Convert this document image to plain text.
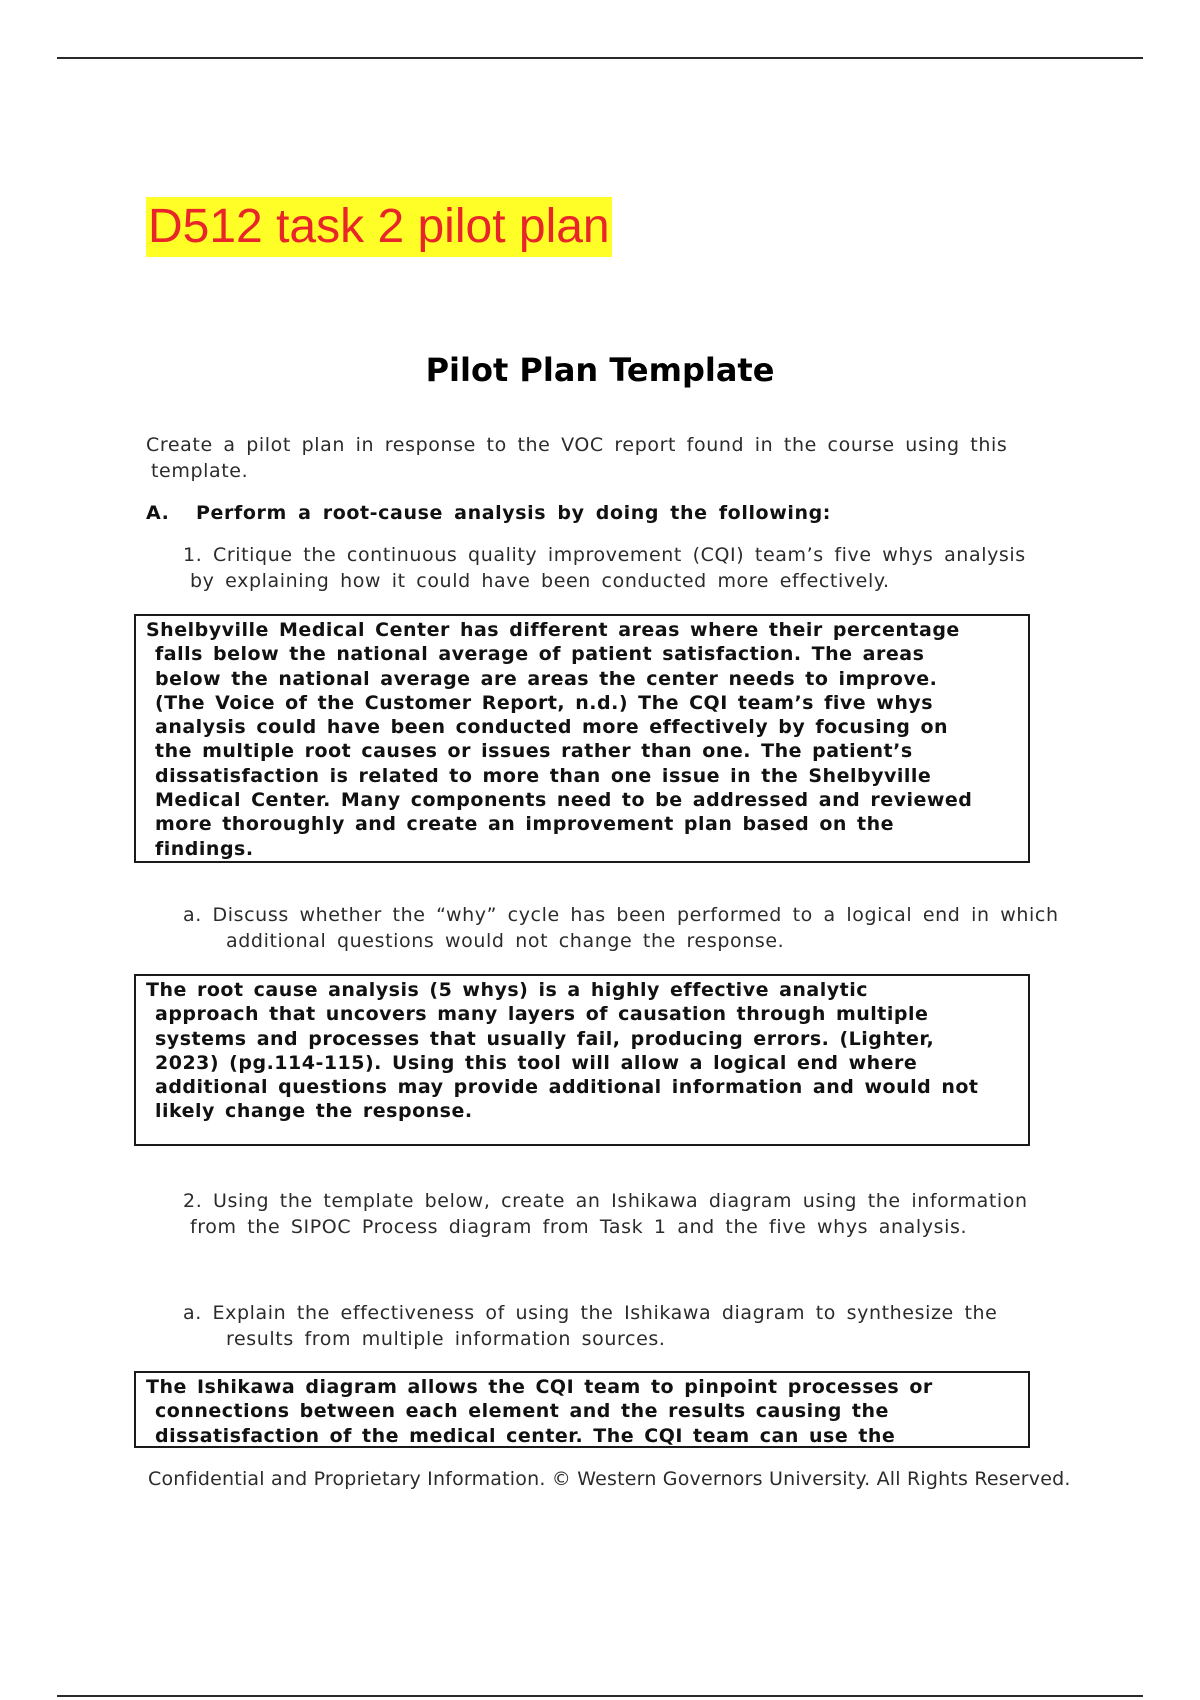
D512 task 2 pilot plan
Pilot Plan Template
Create a pilot plan in response to the VOC report found in the course using this
template.
A. Perform a root-cause analysis by doing the following:
1. Critique the continuous quality improvement (CQI) team’s five whys analysis
by explaining how it could have been conducted more effectively.
Shelbyville Medical Center has different areas where their percentage
falls below the national average of patient satisfaction. The areas
below the national average are areas the center needs to improve.
(The Voice of the Customer Report, n.d.) The CQI team’s five whys
analysis could have been conducted more effectively by focusing on
the multiple root causes or issues rather than one. The patient’s
dissatisfaction is related to more than one issue in the Shelbyville
Medical Center. Many components need to be addressed and reviewed
more thoroughly and create an improvement plan based on the
findings.
a. Discuss whether the “why” cycle has been performed to a logical end in which
additional questions would not change the response.
The root cause analysis (5 whys) is a highly effective analytic
approach that uncovers many layers of causation through multiple
systems and processes that usually fail, producing errors. (Lighter,
2023) (pg.114-115). Using this tool will allow a logical end where
additional questions may provide additional information and would not
likely change the response.
2. Using the template below, create an Ishikawa diagram using the information
from the SIPOC Process diagram from Task 1 and the five whys analysis.
a. Explain the effectiveness of using the Ishikawa diagram to synthesize the
results from multiple information sources.
The Ishikawa diagram allows the CQI team to pinpoint processes or
connections between each element and the results causing the
dissatisfaction of the medical center. The CQI team can use the
Confidential and Proprietary Information. © Western Governors University. All Rights Reserved.
